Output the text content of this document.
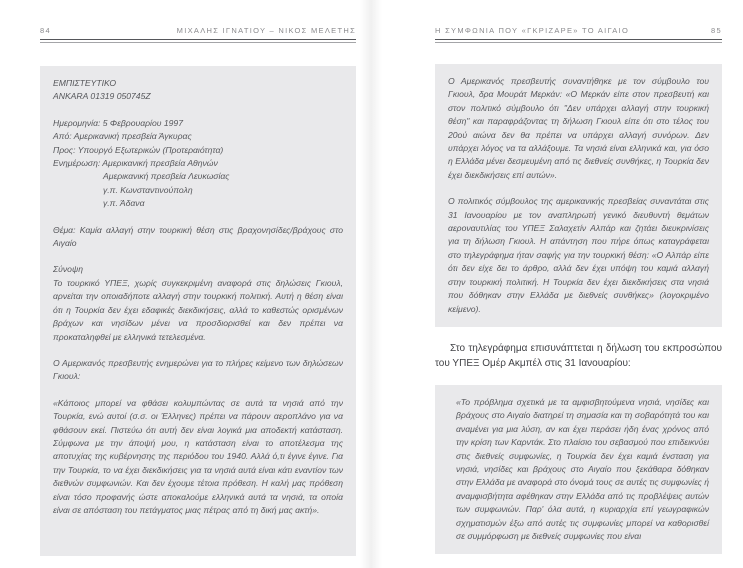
84	ΜΙΧΑΛΗΣ ΙΓΝΑΤΙΟΥ – ΝΙΚΟΣ ΜΕΛΕΤΗΣ
ΕΜΠΙΣΤΕΥΤΙΚΟ
ANKARA 01319 050745Z
Ημερομηνία: 5 Φεβρουαρίου 1997
Από: Αμερικανική πρεσβεία Άγκυρας
Προς: Υπουργό Εξωτερικών (Προτεραιότητα)
Ενημέρωση: Αμερικανική πρεσβεία Αθηνών
Αμερικανική πρεσβεία Λευκωσίας
γ.π. Κωνσταντινούπολη
γ.π. Άδανα

Θέμα: Καμία αλλαγή στην τουρκική θέση στις βραχονησίδες/βράχους στο Αιγαίο

Σύνοψη

Το τουρκικό ΥΠΕΞ, χωρίς συγκεκριμένη αναφορά στις δηλώσεις Γκιουλ, αρνείται την οποιαδήποτε αλλαγή στην τουρκική πολιτική. Αυτή η θέση είναι ότι η Τουρκία δεν έχει εδαφικές διεκδικήσεις, αλλά το καθεστώς ορισμένων βράχων και νησίδων μένει να προσδιορισθεί και δεν πρέπει να προκαταληφθεί με ελληνικά τετελεσμένα.

Ο Αμερικανός πρεσβευτής ενημερώνει για το πλήρες κείμενο των δηλώσεων Γκιουλ:

«Κάποιος μπορεί να φθάσει κολυμπώντας σε αυτά τα νησιά από την Τουρκία, ενώ αυτοί (σ.σ. οι Έλληνες) πρέπει να πάρουν αεροπλάνο για να φθάσουν εκεί. Πιστεύω ότι αυτή δεν είναι λογικά μια αποδεκτή κατάσταση. Σύμφωνα με την άποψή μου, η κατάσταση είναι το αποτέλεσμα της αποτυχίας της κυβέρνησης της περιόδου του 1940. Αλλά ό,τι έγινε έγινε. Για την Τουρκία, το να έχει διεκδικήσεις για τα νησιά αυτά είναι κάτι εναντίον των διεθνών συμφωνιών. Και δεν έχουμε τέτοια πρόθεση. Η καλή μας πρόθεση είναι τόσο προφανής ώστε αποκαλούμε ελληνικά αυτά τα νησιά, τα οποία είναι σε απόσταση του πετάγματος μιας πέτρας από τη δική μας ακτή».

Η ΣΥΜΦΩΝΙΑ ΠΟΥ «ΓΚΡΙΖΑΡΕ» ΤΟ ΑΙΓΑΙΟ	85

Ο Αμερικανός πρεσβευτής συναντήθηκε με τον σύμβουλο του Γκιουλ, δρα Μουράτ Μερκάν: «Ο Μερκάν είπε στον πρεσβευτή και στον πολιτικό σύμβουλο ότι "Δεν υπάρχει αλλαγή στην τουρκική θέση" και παραφράζοντας τη δήλωση Γκιουλ είπε ότι στο τέλος του 20ού αιώνα δεν θα πρέπει να υπάρχει αλλαγή συνόρων. Δεν υπάρχει λόγος να τα αλλάξουμε. Τα νησιά είναι ελληνικά και, για όσο η Ελλάδα μένει δεσμευμένη από τις διεθνείς συνθήκες, η Τουρκία δεν έχει διεκδικήσεις επί αυτών».

Ο πολιτικός σύμβουλος της αμερικανικής πρεσβείας συναντάται στις 31 Ιανουαρίου με τον αναπληρωτή γενικό διευθυντή θεμάτων αεροναυτιλίας του ΥΠΕΞ Σαλαχετίν Αλπάρ και ζητάει διευκρινίσεις για τη δήλωση Γκιουλ. Η απάντηση που πήρε όπως καταγράφεται στο τηλεγράφημα ήταν σαφής για την τουρκική θέση: «Ο Αλπάρ είπε ότι δεν είχε δει το άρθρο, αλλά δεν έχει υπόψη του καμιά αλλαγή στην τουρκική πολιτική. Η Τουρκία δεν έχει διεκδικήσεις στα νησιά που δόθηκαν στην Ελλάδα με διεθνείς συνθήκες» (λογοκριμένο κείμενο).

Στο τηλεγράφημα επισυνάπτεται η δήλωση του εκπροσώπου του ΥΠΕΞ Ομέρ Ακμπέλ στις 31 Ιανουαρίου:

«Το πρόβλημα σχετικά με τα αμφισβητούμενα νησιά, νησίδες και βράχους στο Αιγαίο διατηρεί τη σημασία και τη σοβαρότητά του και αναμένει για μια λύση, αν και έχει περάσει ήδη ένας χρόνος από την κρίση των Καρντάκ. Στο πλαίσιο του σεβασμού που επιδεικνύει στις διεθνείς συμφωνίες, η Τουρκία δεν έχει καμιά ένσταση για νησιά, νησίδες και βράχους στο Αιγαίο που ξεκάθαρα δόθηκαν στην Ελλάδα με αναφορά στο όνομά τους σε αυτές τις συμφωνίες ή αναμφισβήτητα αφέθηκαν στην Ελλάδα από τις προβλέψεις αυτών των συμφωνιών. Παρ' όλα αυτά, η κυριαρχία επί γεωγραφικών σχηματισμών έξω από αυτές τις συμφωνίες μπορεί να καθορισθεί σε συμμόρφωση με διεθνείς συμφωνίες που είναι
